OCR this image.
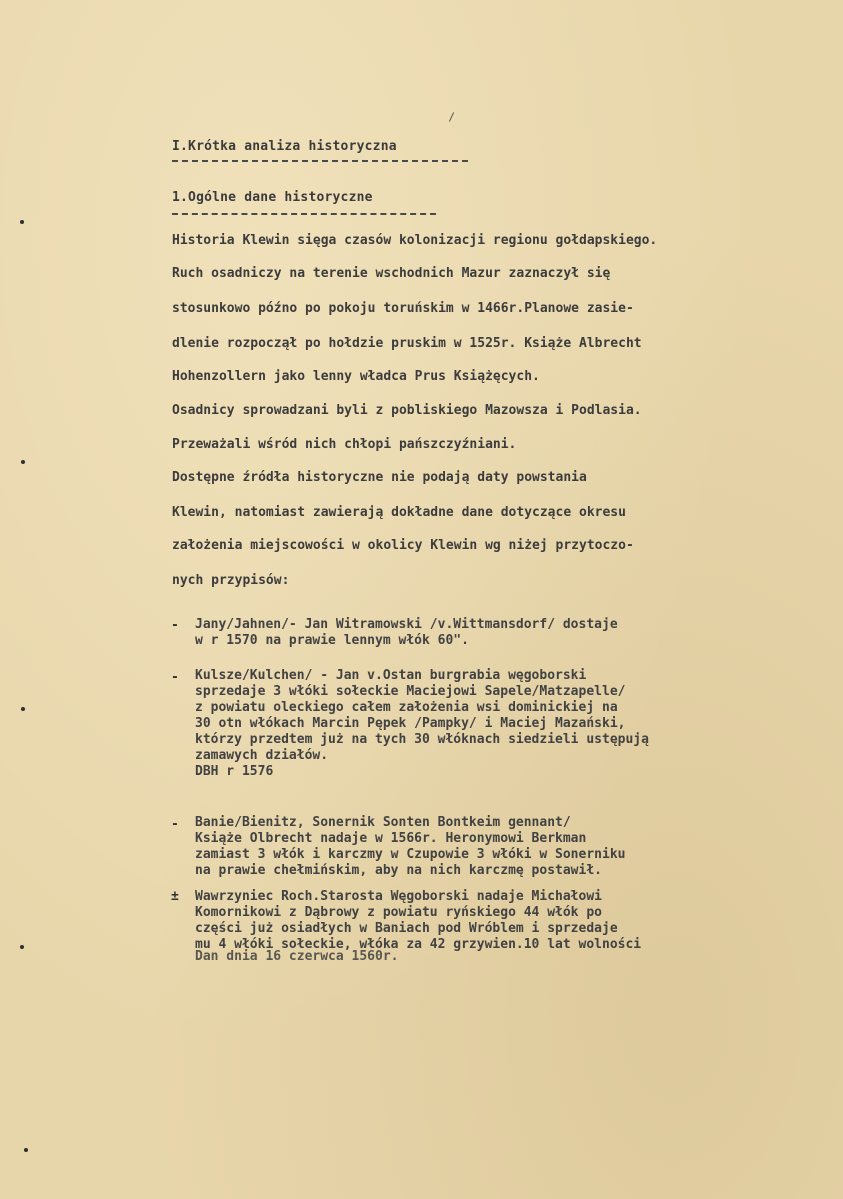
I.Krótka analiza historyczna
1.Ogólne dane historyczne
Historia Klewin sięga czasów kolonizacji regionu gołdapskiego.
Ruch osadniczy na terenie wschodnich Mazur zaznaczył się
stosunkowo późno po pokoju toruńskim w 1466r.Planowe zasie-
dlenie rozpoczął po hołdzie pruskim w 1525r. Książe Albrecht
Hohenzollern jako lenny władca Prus Książęcych.
Osadnicy sprowadzani byli z pobliskiego Mazowsza i Podlasia.
Przeważali wśród nich chłopi pańszczyźniani.
Dostępne źródła historyczne nie podają daty powstania
Klewin, natomiast zawierają dokładne dane dotyczące okresu
założenia miejscowości w okolicy Klewin wg niżej przytoczo-
nych przypisów:
- Jany/Jahnen/- Jan Witramowski /v.Wittmansdorf/ dostaje
w r 1570 na prawie lennym włók 60".
- Kulsze/Kulchen/ - Jan v.Ostan burgrabia węgoborski
sprzedaje 3 włóki sołeckie Maciejowi Sapele/Matzapelle/
z powiatu oleckiego całem założenia wsi dominickiej na
30 otn włókach Marcin Pępek /Pampky/ i Maciej Mazański,
którzy przedtem już na tych 30 włóknach siedzieli ustępują
zamawych działów.
DBH r 1576
- Banie/Bienitz, Sonernik Sonten Bontkeim gennant/
Książe Olbrecht nadaje w 1566r. Heronymowi Berkman
zamiast 3 włók i karczmy w Czupowie 3 włóki w Sonerniku
na prawie chełmińskim, aby na nich karczmę postawił.
± Wawrzyniec Roch.Starosta Węgoborski nadaje Michałowi
Komornikowi z Dąbrowy z powiatu ryńskiego 44 włók po
części już osiadłych w Baniach pod Wróblem i sprzedaje
mu 4 włóki sołeckie, włóka za 42 grzywien.10 lat wolności
Dan dnia 16 czerwca 1560r.
